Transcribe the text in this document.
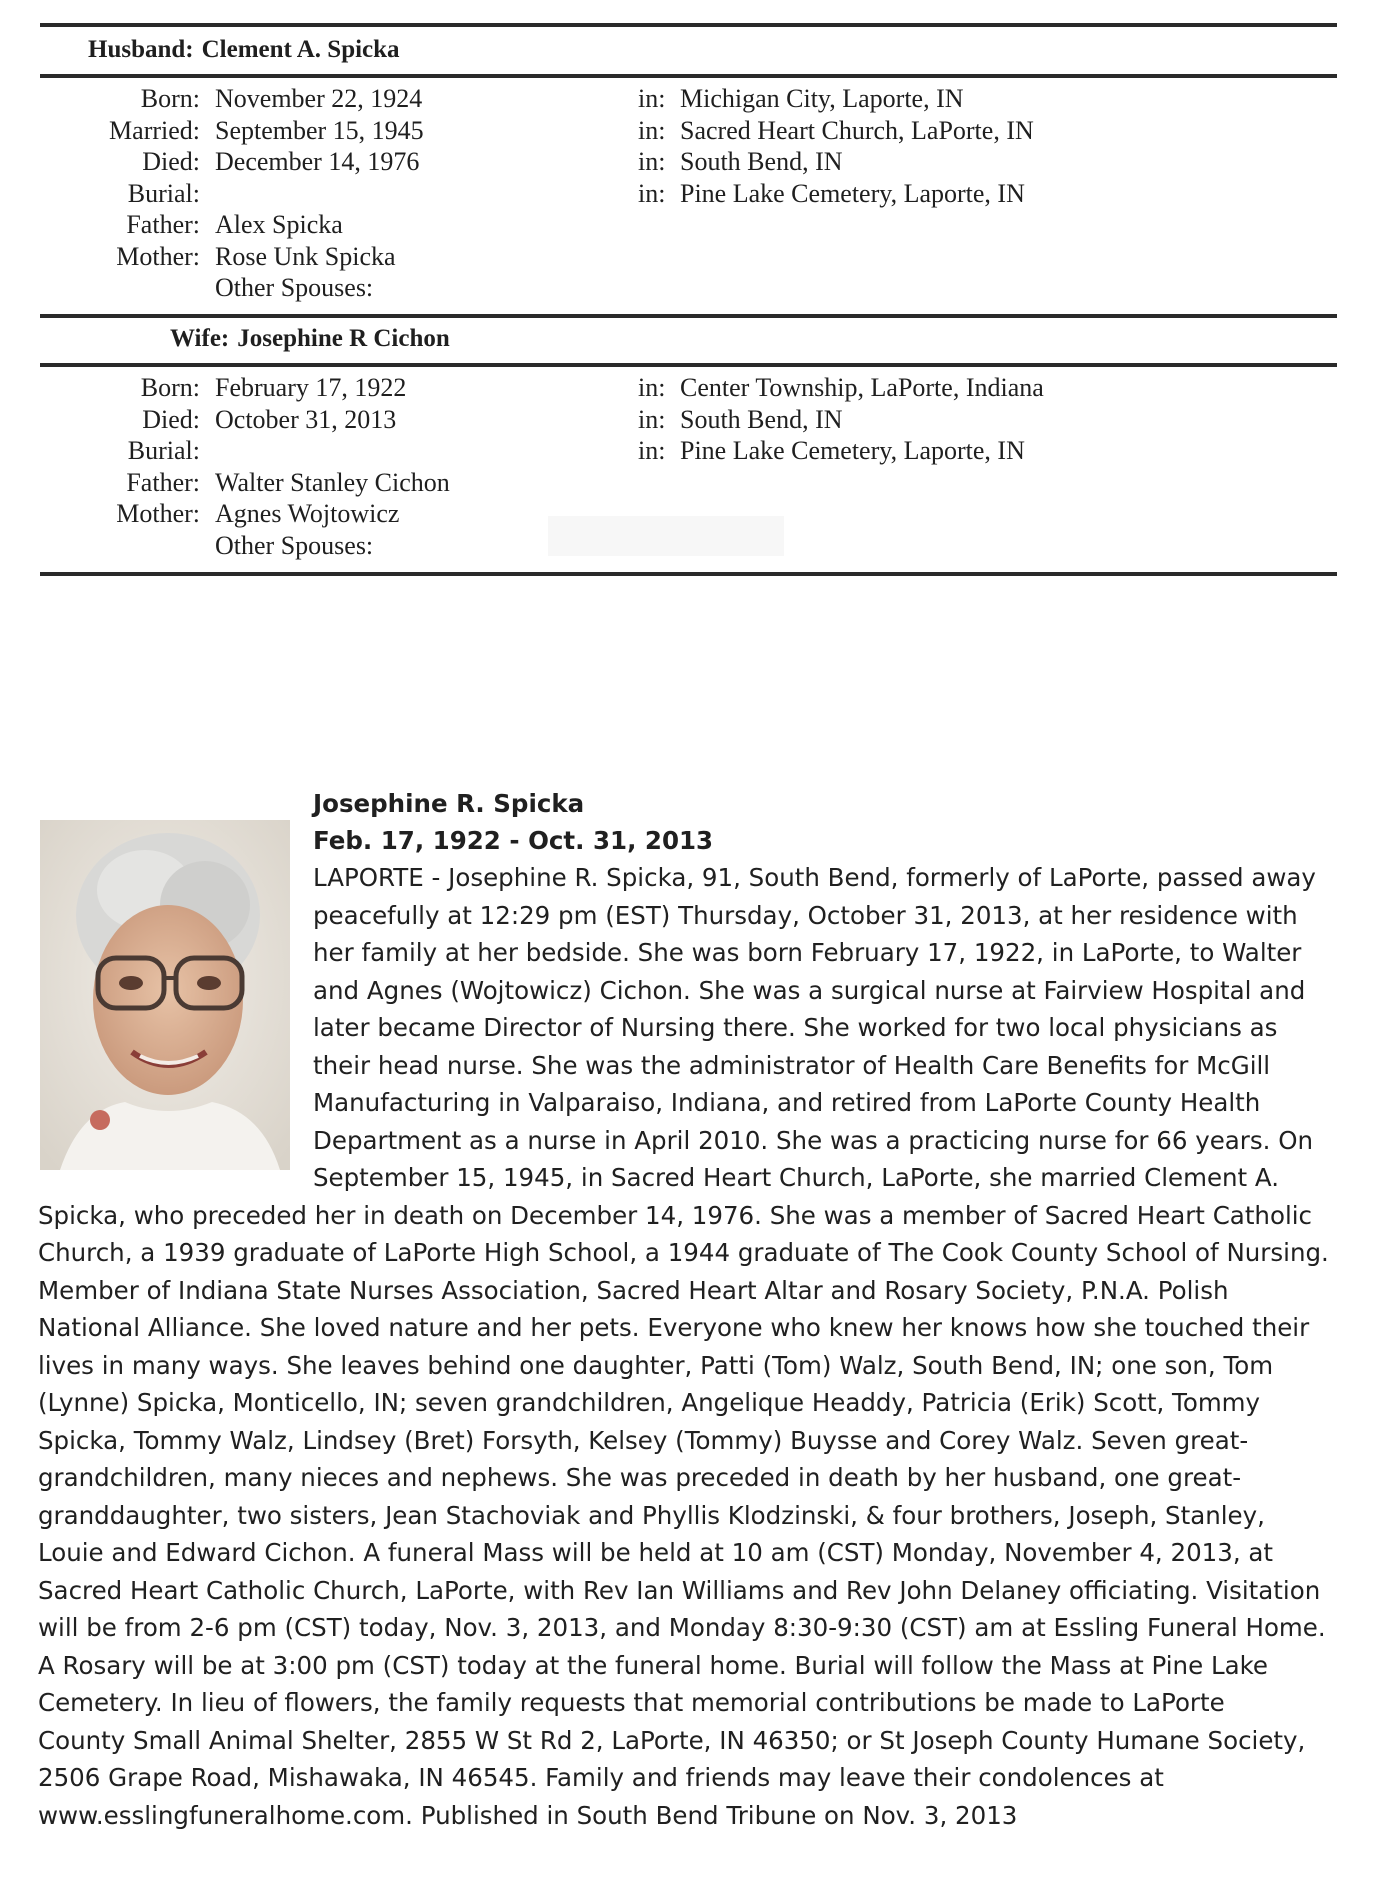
Husband: Clement A. Spicka
Born: November 22, 1924	in: Michigan City, Laporte, IN
Married: September 15, 1945	in: Sacred Heart Church, LaPorte, IN
Died: December 14, 1976	in: South Bend, IN
Burial:	in: Pine Lake Cemetery, Laporte, IN
Father: Alex Spicka
Mother: Rose Unk Spicka
Other Spouses:
Wife: Josephine R Cichon
Born: February 17, 1922	in: Center Township, LaPorte, Indiana
Died: October 31, 2013	in: South Bend, IN
Burial:	in: Pine Lake Cemetery, Laporte, IN
Father: Walter Stanley Cichon
Mother: Agnes Wojtowicz
Other Spouses:
Josephine R. Spicka
Feb. 17, 1922 - Oct. 31, 2013
LAPORTE - Josephine R. Spicka, 91, South Bend, formerly of LaPorte, passed away
peacefully at 12:29 pm (EST) Thursday, October 31, 2013, at her residence with
her family at her bedside. She was born February 17, 1922, in LaPorte, to Walter
and Agnes (Wojtowicz) Cichon. She was a surgical nurse at Fairview Hospital and
later became Director of Nursing there. She worked for two local physicians as
their head nurse. She was the administrator of Health Care Benefits for McGill
Manufacturing in Valparaiso, Indiana, and retired from LaPorte County Health
Department as a nurse in April 2010. She was a practicing nurse for 66 years. On
September 15, 1945, in Sacred Heart Church, LaPorte, she married Clement A.
Spicka, who preceded her in death on December 14, 1976. She was a member of Sacred Heart Catholic
Church, a 1939 graduate of LaPorte High School, a 1944 graduate of The Cook County School of Nursing.
Member of Indiana State Nurses Association, Sacred Heart Altar and Rosary Society, P.N.A. Polish
National Alliance. She loved nature and her pets. Everyone who knew her knows how she touched their
lives in many ways. She leaves behind one daughter, Patti (Tom) Walz, South Bend, IN; one son, Tom
(Lynne) Spicka, Monticello, IN; seven grandchildren, Angelique Headdy, Patricia (Erik) Scott, Tommy
Spicka, Tommy Walz, Lindsey (Bret) Forsyth, Kelsey (Tommy) Buysse and Corey Walz. Seven great-
grandchildren, many nieces and nephews. She was preceded in death by her husband, one great-
granddaughter, two sisters, Jean Stachoviak and Phyllis Klodzinski, & four brothers, Joseph, Stanley,
Louie and Edward Cichon. A funeral Mass will be held at 10 am (CST) Monday, November 4, 2013, at
Sacred Heart Catholic Church, LaPorte, with Rev Ian Williams and Rev John Delaney officiating. Visitation
will be from 2-6 pm (CST) today, Nov. 3, 2013, and Monday 8:30-9:30 (CST) am at Essling Funeral Home.
A Rosary will be at 3:00 pm (CST) today at the funeral home. Burial will follow the Mass at Pine Lake
Cemetery. In lieu of flowers, the family requests that memorial contributions be made to LaPorte
County Small Animal Shelter, 2855 W St Rd 2, LaPorte, IN 46350; or St Joseph County Humane Society,
2506 Grape Road, Mishawaka, IN 46545. Family and friends may leave their condolences at
www.esslingfuneralhome.com. Published in South Bend Tribune on Nov. 3, 2013
